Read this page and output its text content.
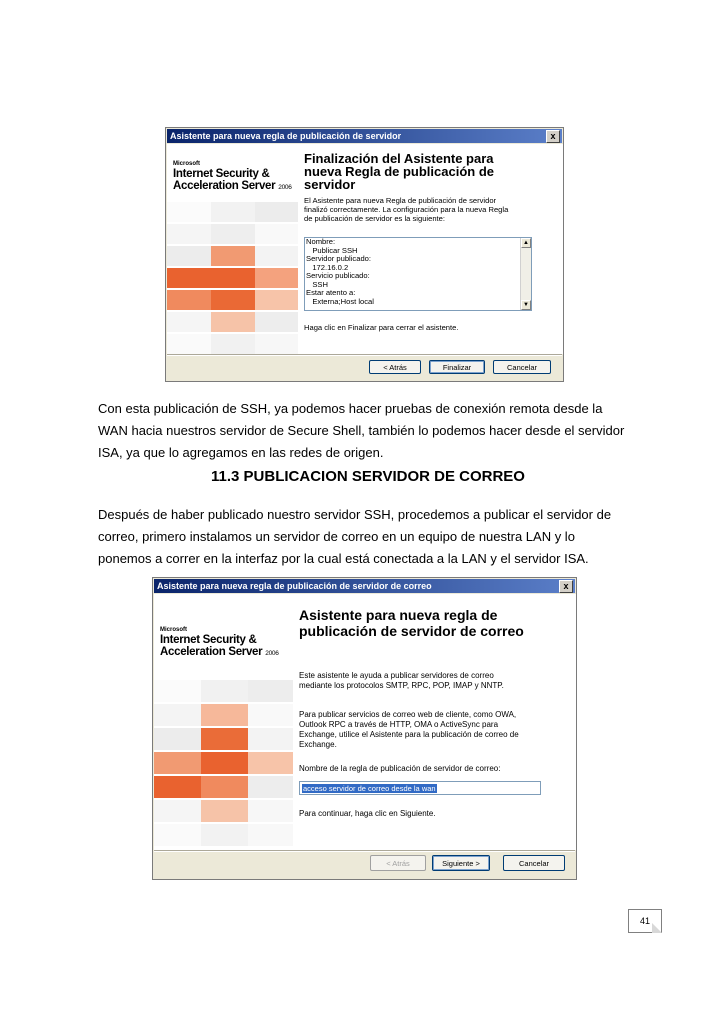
Asistente para nueva regla de publicación de servidor	x
Microsoft
Internet Security &
Acceleration Server 2006
Finalización del Asistente para
nueva Regla de publicación de
servidor
El Asistente para nueva Regla de publicación de servidor
finalizó correctamente. La configuración para la nueva Regla
de publicación de servidor es la siguiente:
Nombre:
Publicar SSH
Servidor publicado:
172.16.0.2
Servicio publicado:
SSH
Estar atento a:
Externa;Host local
▲
▼
Haga clic en Finalizar para cerrar el asistente.
< Atrás	Finalizar	Cancelar

Con esta publicación de SSH, ya podemos hacer pruebas de conexión remota desde la
WAN hacia nuestros servidor de Secure Shell, también lo podemos hacer desde el servidor
ISA, ya que lo agregamos en las redes de origen.

11.3 PUBLICACION SERVIDOR DE CORREO

Después de haber publicado nuestro servidor SSH, procedemos a publicar el servidor de
correo, primero instalamos un servidor de correo en un equipo de nuestra LAN y lo
ponemos a correr en la interfaz por la cual está conectada a la LAN y el servidor ISA.

Asistente para nueva regla de publicación de servidor de correo	x
Microsoft
Internet Security &
Acceleration Server 2006
Asistente para nueva regla de
publicación de servidor de correo
Este asistente le ayuda a publicar servidores de correo
mediante los protocolos SMTP, RPC, POP, IMAP y NNTP.
Para publicar servicios de correo web de cliente, como OWA,
Outlook RPC a través de HTTP, OMA o ActiveSync para
Exchange, utilice el Asistente para la publicación de correo de
Exchange.
Nombre de la regla de publicación de servidor de correo:
acceso servidor de correo desde la wan
Para continuar, haga clic en Siguiente.
< Atrás	Siguiente >	Cancelar
41
